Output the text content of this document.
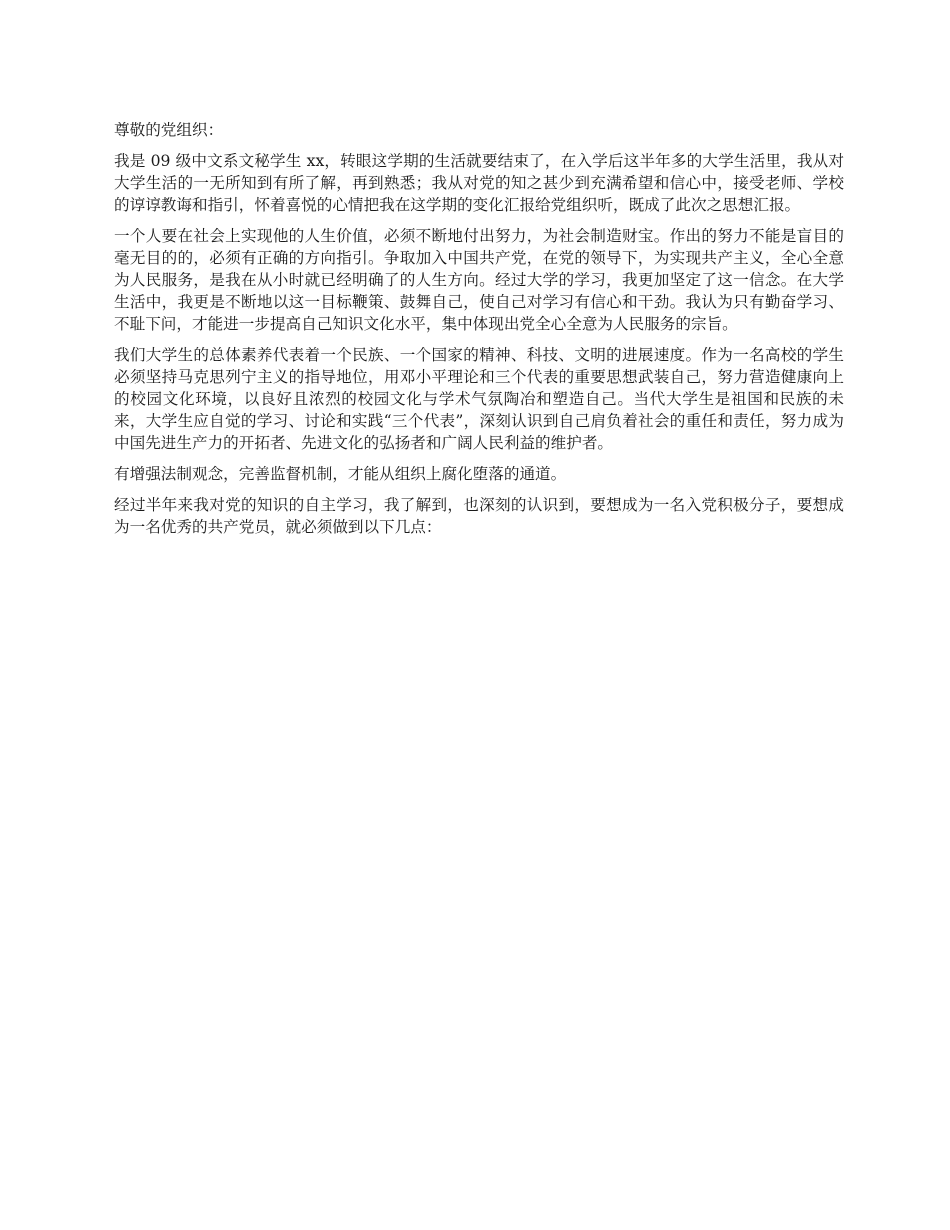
尊敬的党组织：

我是 09 级中文系文秘学生 xx，转眼这学期的生活就要结束了，在入学后这半年多的大学生活里，我从对大学生活的一无所知到有所了解，再到熟悉；我从对党的知之甚少到充满希望和信心中，接受老师、学校的谆谆教诲和指引，怀着喜悦的心情把我在这学期的变化汇报给党组织听，既成了此次之思想汇报。

一个人要在社会上实现他的人生价值，必须不断地付出努力，为社会制造财宝。作出的努力不能是盲目的毫无目的的，必须有正确的方向指引。争取加入中国共产党，在党的领导下，为实现共产主义，全心全意为人民服务，是我在从小时就已经明确了的人生方向。经过大学的学习，我更加坚定了这一信念。在大学生活中，我更是不断地以这一目标鞭策、鼓舞自己，使自己对学习有信心和干劲。我认为只有勤奋学习、不耻下问，才能进一步提高自己知识文化水平，集中体现出党全心全意为人民服务的宗旨。

我们大学生的总体素养代表着一个民族、一个国家的精神、科技、文明的进展速度。作为一名高校的学生必须坚持马克思列宁主义的指导地位，用邓小平理论和三个代表的重要思想武装自己，努力营造健康向上的校园文化环境，以良好且浓烈的校园文化与学术气氛陶冶和塑造自己。当代大学生是祖国和民族的未来，大学生应自觉的学习、讨论和实践“三个代表”，深刻认识到自己肩负着社会的重任和责任，努力成为中国先进生产力的开拓者、先进文化的弘扬者和广阔人民利益的维护者。

有增强法制观念，完善监督机制，才能从组织上腐化堕落的通道。

经过半年来我对党的知识的自主学习，我了解到，也深刻的认识到，要想成为一名入党积极分子，要想成为一名优秀的共产党员，就必须做到以下几点：
